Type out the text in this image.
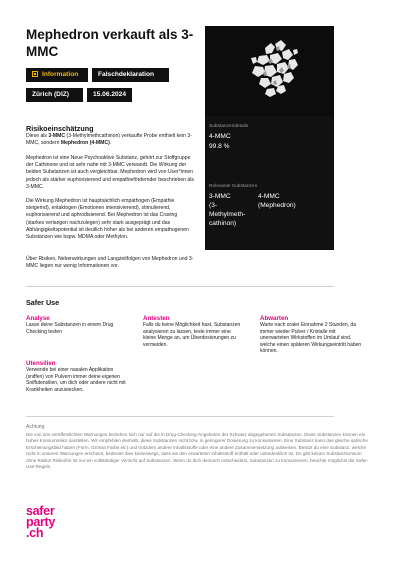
Mephedron verkauft als 3-MMC
Information	Falschdeklaration
Zürich (DIZ)	15.06.2024
Substanzendetails
4-MMC
99.8 %
Relevante Substanzen
3-MMC
(3-Methylmeth-cathinon)
4-MMC
(Mephedron)
Risikoeinschätzung
Diese als 3-MMC (3-Methylmethcathinon) verkaufte Probe enthielt kein 3-MMC, sondern Mephedron (4-MMC).
Mephedron ist eine Neue Psychoaktive Substanz, gehört zur Stoffgruppe der Cathinone und ist sehr nahe mit 3-MMC verwandt. Die Wirkung der beiden Substanzen ist auch vergleichbar. Mephedron wird von User*innen jedoch als stärker euphorisierend und empathiefördernder beschrieben als 3-MMC.
Die Wirkung Mephedron ist hauptsächlich empathogen (Empathie steigernd), entaktogen (Emotionen intensivierend), stimulierend, euphorisierend und aphrodisierend. Bei Mephedron ist das Craving (starkes verlangen nachzulegen) sehr stark ausgeprägt und das Abhängigkeitspotential ist deutlich höher als bei anderen empathogenen Substanzen wie bspw. MDMA oder Methylon.
Über Risiken, Nebenwirkungen und Langzeitfolgen von Mephedron und 3-MMC liegen nur wenig Informationen vor.
Safer Use
Analyse
Lasse deine Substanzen in einem Drug Checking testen
Antesten
Falls du keine Möglichkeit hast, Substanzen analysieren zu lassen, teste immer eine kleine Menge an, um Überdosierungen zu vermeiden.
Abwarten
Warte nach oraler Einnahme 2 Stunden, da immer wieder Pulver / Kristalle mit unerwarteten Wirkstoffen im Umlauf sind, welche einen späteren Wirkungseintritt haben können.
Utensilien
Verwende bei einer nasalen Applikation (sniffen) von Pulvern immer deine eigenen Sniffutensilien, um dich oder andere nicht mit Krankheiten anzustecken.
Achtung
Die von uns veröffentlichten Warnungen beziehen sich nur auf die in Drug-Checking-Angeboten der Schweiz abgegebenen Substanzen. Diese Substanzen können ein hohes Konsumrisiko darstellen. Wir empfehlen deshalb, diese Substanzen nicht bzw. in geringerer Dosierung zu konsumieren. Eine Substanz kann das gleiche optische Erscheinungsbild haben (Form, Grösse,Farbe etc) und trotzdem andere Inhaltsstoffe oder eine andere Zusammensetzung aufweisen. Besitzt du eine Substanz, welche nicht in unseren Warnungen erscheint, bedeutet dies keineswegs, dass sie den erwarteten Inhaltsstoff enthält oder unbedenklich ist. Du gibt keinen Substanzkonsum ohne Risiko! Risikofrei ist nur ein vollständiger Verzicht auf Substanzen. Wenn du dich dennoch entscheidest, Substanzen zu konsumieren, beachte möglichst die Safer-Use-Regeln.
safer
party
.ch
